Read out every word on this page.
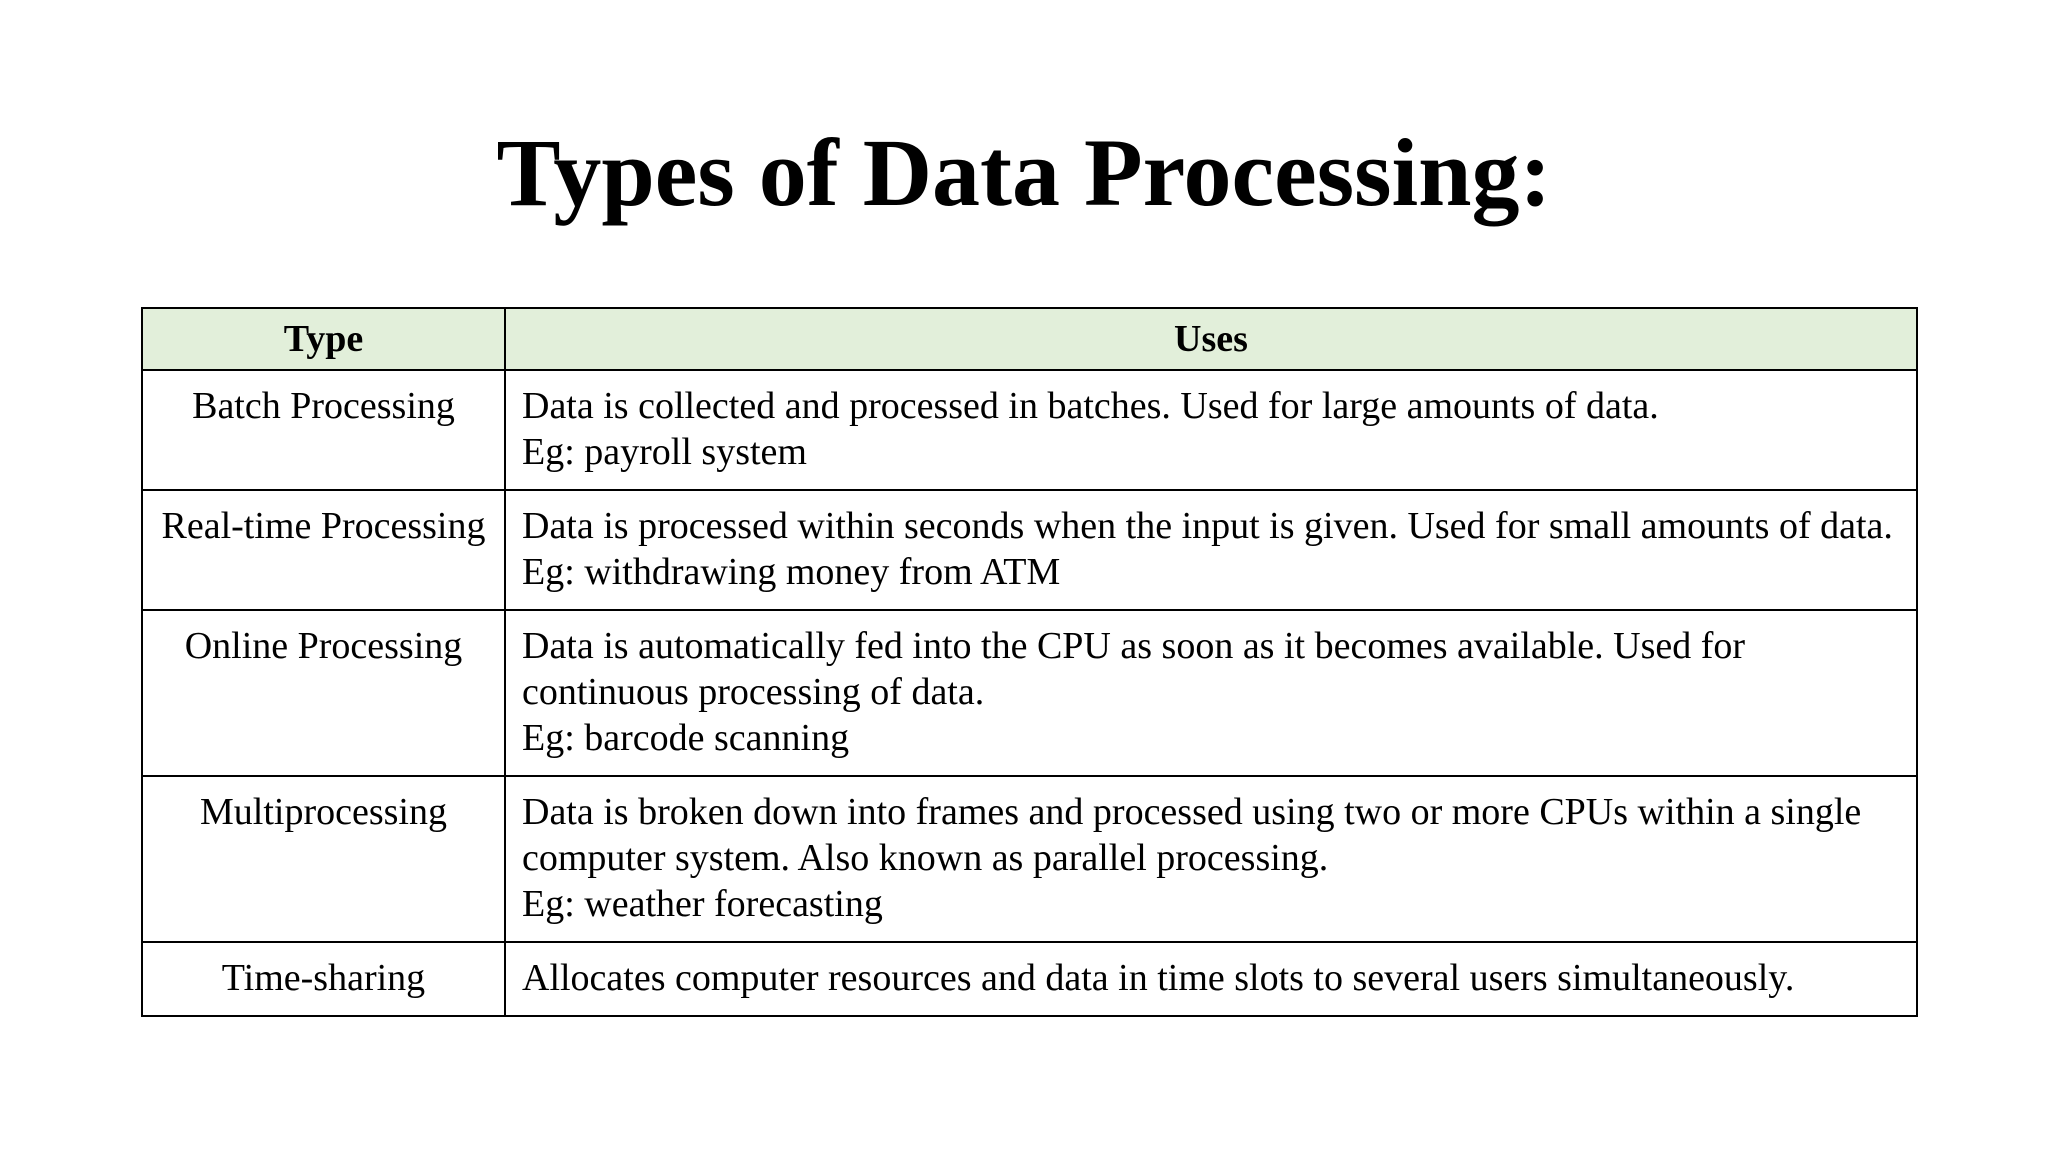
Types of Data Processing:
Type	Uses
Batch Processing	Data is collected and processed in batches. Used for large amounts of data.
Eg: payroll system

Real-time Processing	Data is processed within seconds when the input is given. Used for small amounts of data.
Eg: withdrawing money from ATM

Online Processing	Data is automatically fed into the CPU as soon as it becomes available. Used for continuous processing of data.
Eg: barcode scanning

Multiprocessing	Data is broken down into frames and processed using two or more CPUs within a single computer system. Also known as parallel processing.
Eg: weather forecasting

Time-sharing	Allocates computer resources and data in time slots to several users simultaneously.
